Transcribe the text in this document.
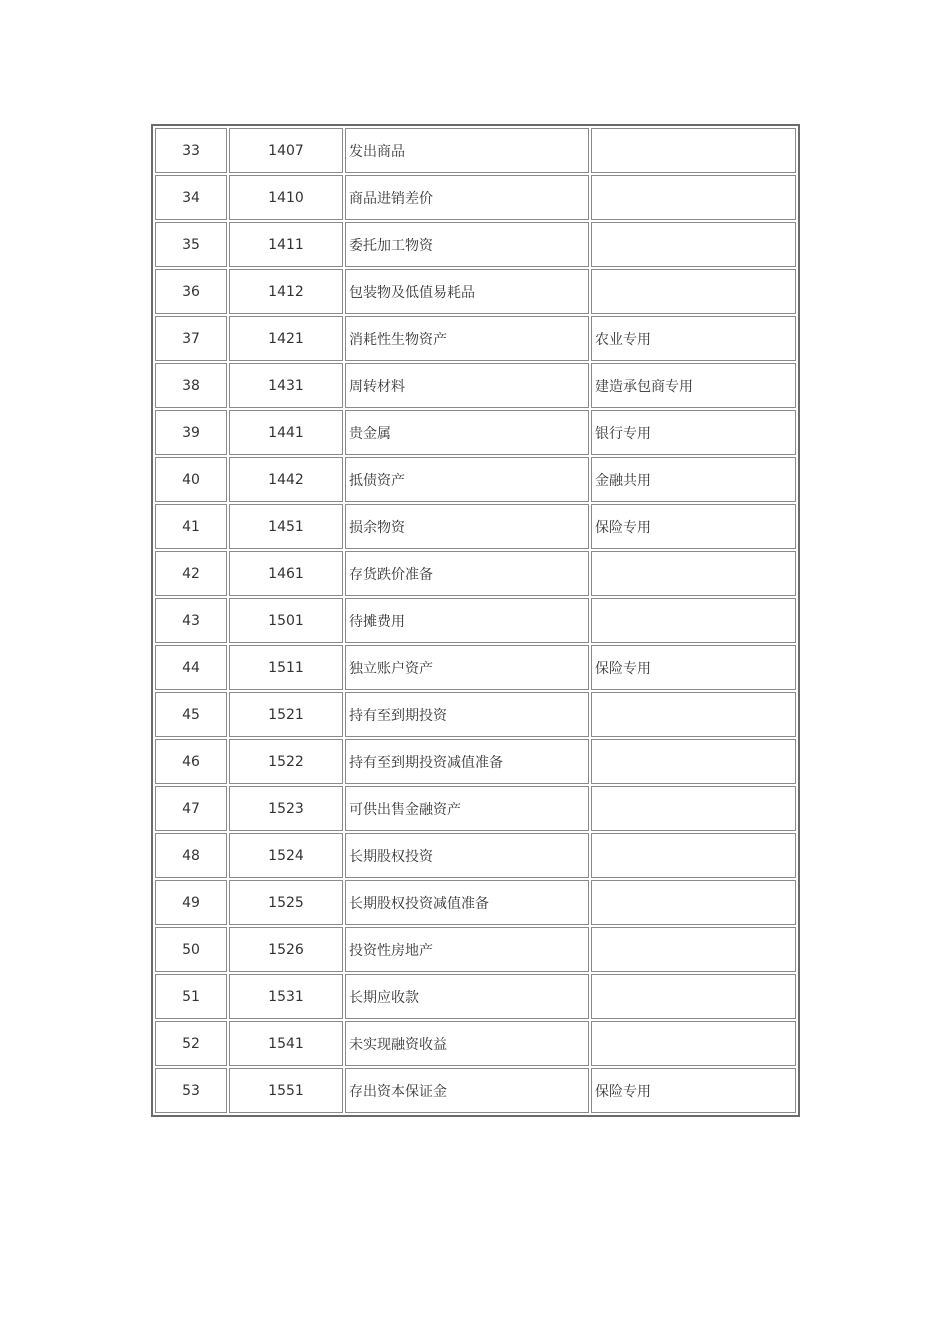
33	1407	发出商品	
34	1410	商品进销差价	
35	1411	委托加工物资	
36	1412	包装物及低值易耗品	
37	1421	消耗性生物资产	农业专用
38	1431	周转材料	建造承包商专用
39	1441	贵金属	银行专用
40	1442	抵债资产	金融共用
41	1451	损余物资	保险专用
42	1461	存货跌价准备	
43	1501	待摊费用	
44	1511	独立账户资产	保险专用
45	1521	持有至到期投资	
46	1522	持有至到期投资减值准备	
47	1523	可供出售金融资产	
48	1524	长期股权投资	
49	1525	长期股权投资减值准备	
50	1526	投资性房地产	
51	1531	长期应收款	
52	1541	未实现融资收益	
53	1551	存出资本保证金	保险专用
